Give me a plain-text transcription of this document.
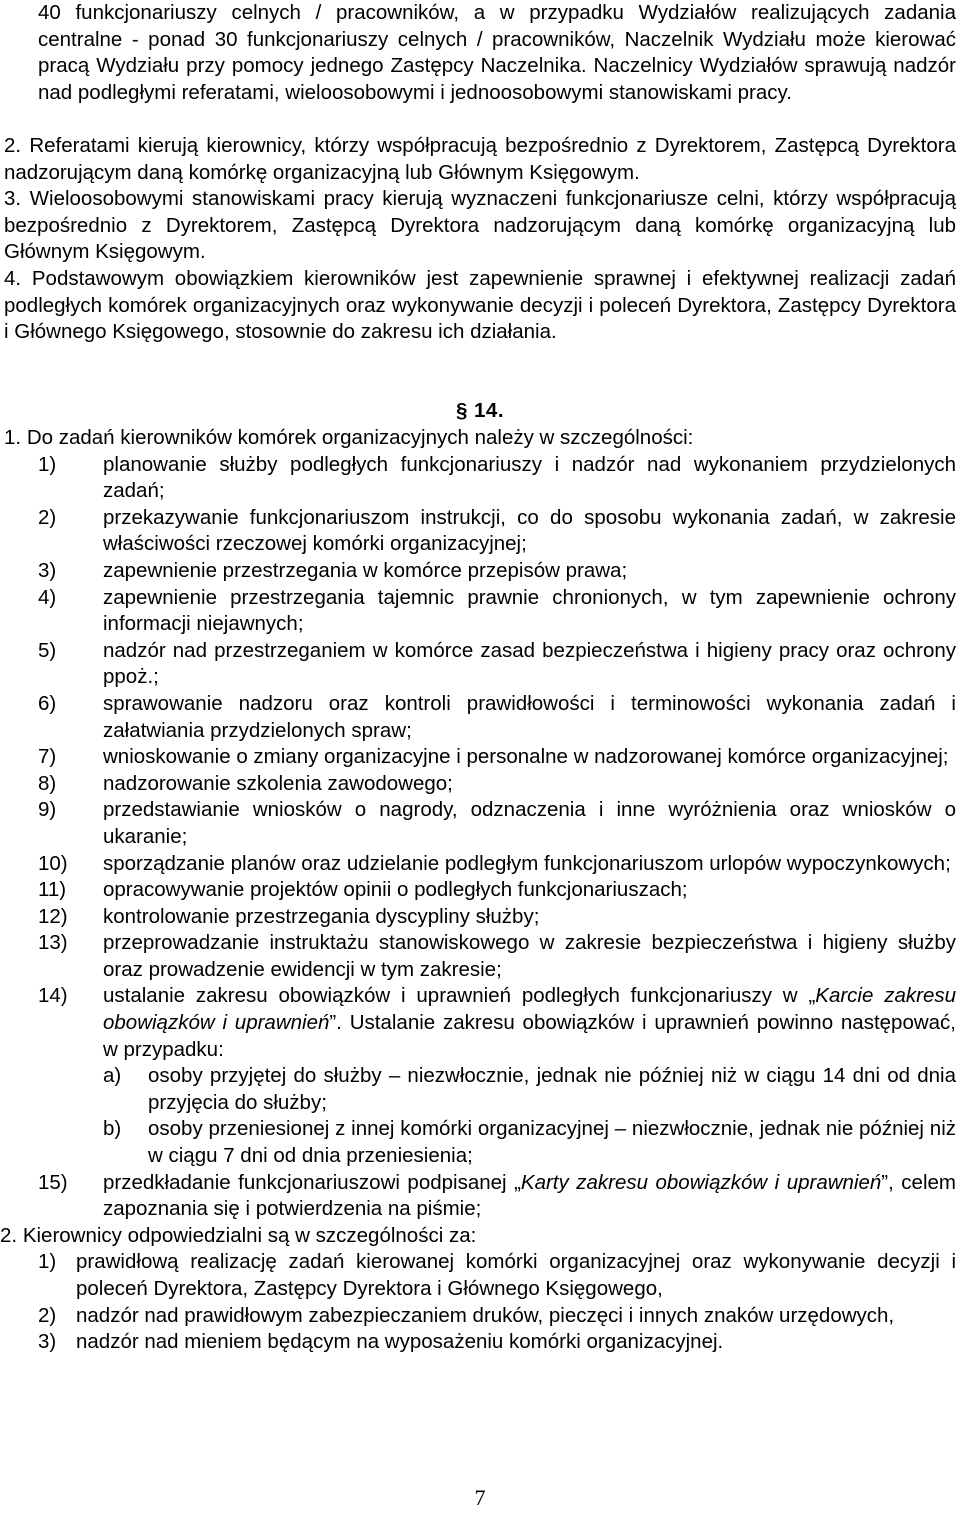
40 funkcjonariuszy celnych / pracowników, a w przypadku Wydziałów realizujących zadania centralne - ponad 30 funkcjonariuszy celnych / pracowników, Naczelnik Wydziału może kierować pracą Wydziału przy pomocy jednego Zastępcy Naczelnika. Naczelnicy Wydziałów sprawują nadzór nad podległymi referatami, wieloosobowymi i jednoosobowymi stanowiskami pracy.
2. Referatami kierują kierownicy, którzy współpracują bezpośrednio z Dyrektorem, Zastępcą Dyrektora nadzorującym daną komórkę organizacyjną lub Głównym Księgowym.
3. Wieloosobowymi stanowiskami pracy kierują wyznaczeni funkcjonariusze celni, którzy współpracują bezpośrednio z Dyrektorem, Zastępcą Dyrektora nadzorującym daną komórkę organizacyjną lub Głównym Księgowym.
4. Podstawowym obowiązkiem kierowników jest zapewnienie sprawnej i efektywnej realizacji zadań podległych komórek organizacyjnych oraz wykonywanie decyzji i poleceń Dyrektora, Zastępcy Dyrektora i Głównego Księgowego, stosownie do zakresu ich działania.
§ 14.
1. Do zadań kierowników komórek organizacyjnych należy w szczególności:
1) planowanie służby podległych funkcjonariuszy i nadzór nad wykonaniem przydzielonych zadań;
2) przekazywanie funkcjonariuszom instrukcji, co do sposobu wykonania zadań, w zakresie właściwości rzeczowej komórki organizacyjnej;
3) zapewnienie przestrzegania w komórce przepisów prawa;
4) zapewnienie przestrzegania tajemnic prawnie chronionych, w tym zapewnienie ochrony informacji niejawnych;
5) nadzór nad przestrzeganiem w komórce zasad bezpieczeństwa i higieny pracy oraz ochrony ppoż.;
6) sprawowanie nadzoru oraz kontroli prawidłowości i terminowości wykonania zadań i załatwiania przydzielonych spraw;
7) wnioskowanie o zmiany organizacyjne i personalne w nadzorowanej komórce organizacyjnej;
8) nadzorowanie szkolenia zawodowego;
9) przedstawianie wniosków o nagrody, odznaczenia i inne wyróżnienia oraz wniosków o ukaranie;
10) sporządzanie planów oraz udzielanie podległym funkcjonariuszom urlopów wypoczynkowych;
11) opracowywanie projektów opinii o podległych funkcjonariuszach;
12) kontrolowanie przestrzegania dyscypliny służby;
13) przeprowadzanie instruktażu stanowiskowego w zakresie bezpieczeństwa i higieny służby oraz prowadzenie ewidencji w tym zakresie;
14) ustalanie zakresu obowiązków i uprawnień podległych funkcjonariuszy w „Karcie zakresu obowiązków i uprawnień”. Ustalanie zakresu obowiązków i uprawnień powinno następować, w przypadku:
a) osoby przyjętej do służby – niezwłocznie, jednak nie później niż w ciągu 14 dni od dnia przyjęcia do służby;
b) osoby przeniesionej z innej komórki organizacyjnej – niezwłocznie, jednak nie później niż w ciągu 7 dni od dnia przeniesienia;
15) przedkładanie funkcjonariuszowi podpisanej „Karty zakresu obowiązków i uprawnień”, celem zapoznania się i potwierdzenia na piśmie;
2. Kierownicy odpowiedzialni są w szczególności za:
1) prawidłową realizację zadań kierowanej komórki organizacyjnej oraz wykonywanie decyzji i poleceń Dyrektora, Zastępcy Dyrektora i Głównego Księgowego,
2) nadzór nad prawidłowym zabezpieczaniem druków, pieczęci i innych znaków urzędowych,
3) nadzór nad mieniem będącym na wyposażeniu komórki organizacyjnej.
7
